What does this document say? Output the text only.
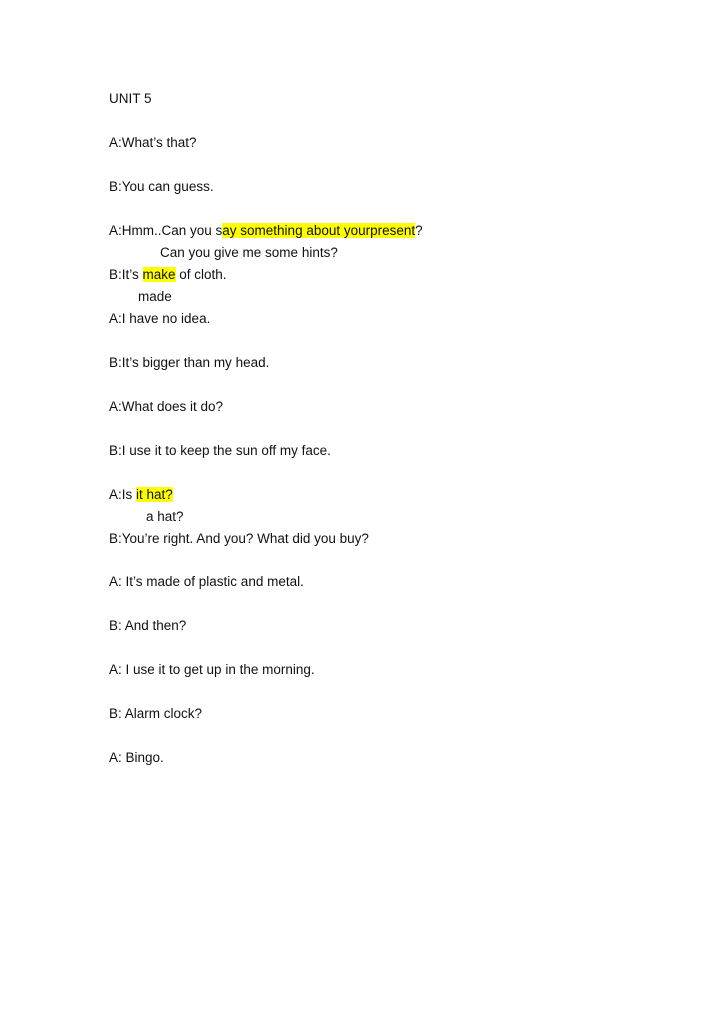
UNIT 5
A:What’s that?
B:You can guess.
A:Hmm..Can you say something about yourpresent?
Can you give me some hints?
B:It’s make of cloth.
made
A:I have no idea.
B:It’s bigger than my head.
A:What does it do?
B:I use it to keep the sun off my face.
A:Is it hat?
a hat?
B:You’re right. And you? What did you buy?
A: It’s made of plastic and metal.
B: And then?
A: I use it to get up in the morning.
B: Alarm clock?
A: Bingo.
